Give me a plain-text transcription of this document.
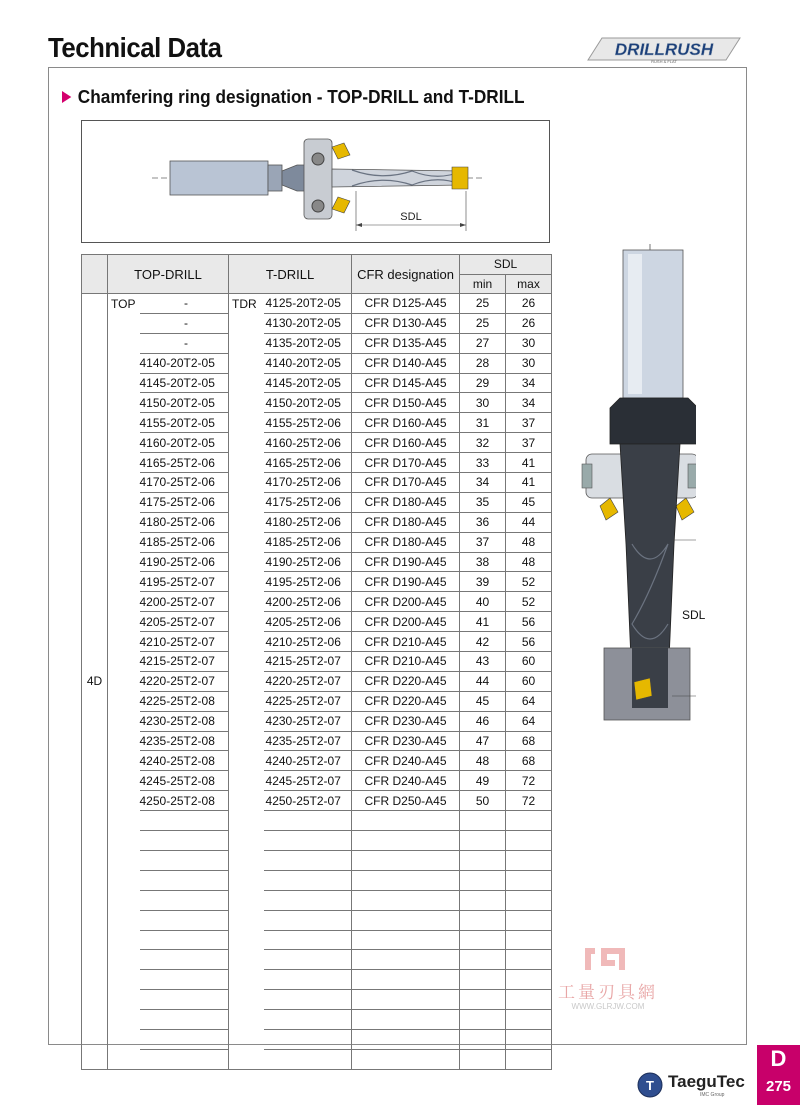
Technical Data	DRILLRUSH
RUSH & FLAT
Chamfering ring designation - TOP-DRILL and T-DRILL
SDL
	TOP-DRILL		T-DRILL		CFR designation	SDL	
						min	max
4D	TOP	-	TDR	4125-20T2-05	CFR D125-A45	25	26
		-		4130-20T2-05	CFR D130-A45	25	26
		-		4135-20T2-05	CFR D135-A45	27	30
		4140-20T2-05		4140-20T2-05	CFR D140-A45	28	30
		4145-20T2-05		4145-20T2-05	CFR D145-A45	29	34
		4150-20T2-05		4150-20T2-05	CFR D150-A45	30	34
		4155-20T2-05		4155-25T2-06	CFR D160-A45	31	37
		4160-20T2-05		4160-25T2-06	CFR D160-A45	32	37
		4165-25T2-06		4165-25T2-06	CFR D170-A45	33	41
		4170-25T2-06		4170-25T2-06	CFR D170-A45	34	41
		4175-25T2-06		4175-25T2-06	CFR D180-A45	35	45
		4180-25T2-06		4180-25T2-06	CFR D180-A45	36	44
		4185-25T2-06		4185-25T2-06	CFR D180-A45	37	48
		4190-25T2-06		4190-25T2-06	CFR D190-A45	38	48
		4195-25T2-07		4195-25T2-06	CFR D190-A45	39	52
		4200-25T2-07		4200-25T2-06	CFR D200-A45	40	52
		4205-25T2-07		4205-25T2-06	CFR D200-A45	41	56
		4210-25T2-07		4210-25T2-06	CFR D210-A45	42	56
		4215-25T2-07		4215-25T2-07	CFR D210-A45	43	60
		4220-25T2-07		4220-25T2-07	CFR D220-A45	44	60
		4225-25T2-08		4225-25T2-07	CFR D220-A45	45	64
		4230-25T2-08		4230-25T2-07	CFR D230-A45	46	64
		4235-25T2-08		4235-25T2-07	CFR D230-A45	47	68
		4240-25T2-08		4240-25T2-07	CFR D240-A45	48	68
		4245-25T2-08		4245-25T2-07	CFR D240-A45	49	72
		4250-25T2-08		4250-25T2-07	CFR D250-A45	50	72

SDL
工量刃具網
WWW.GLRJW.COM
T TaeguTec
IMC Group
D
275
